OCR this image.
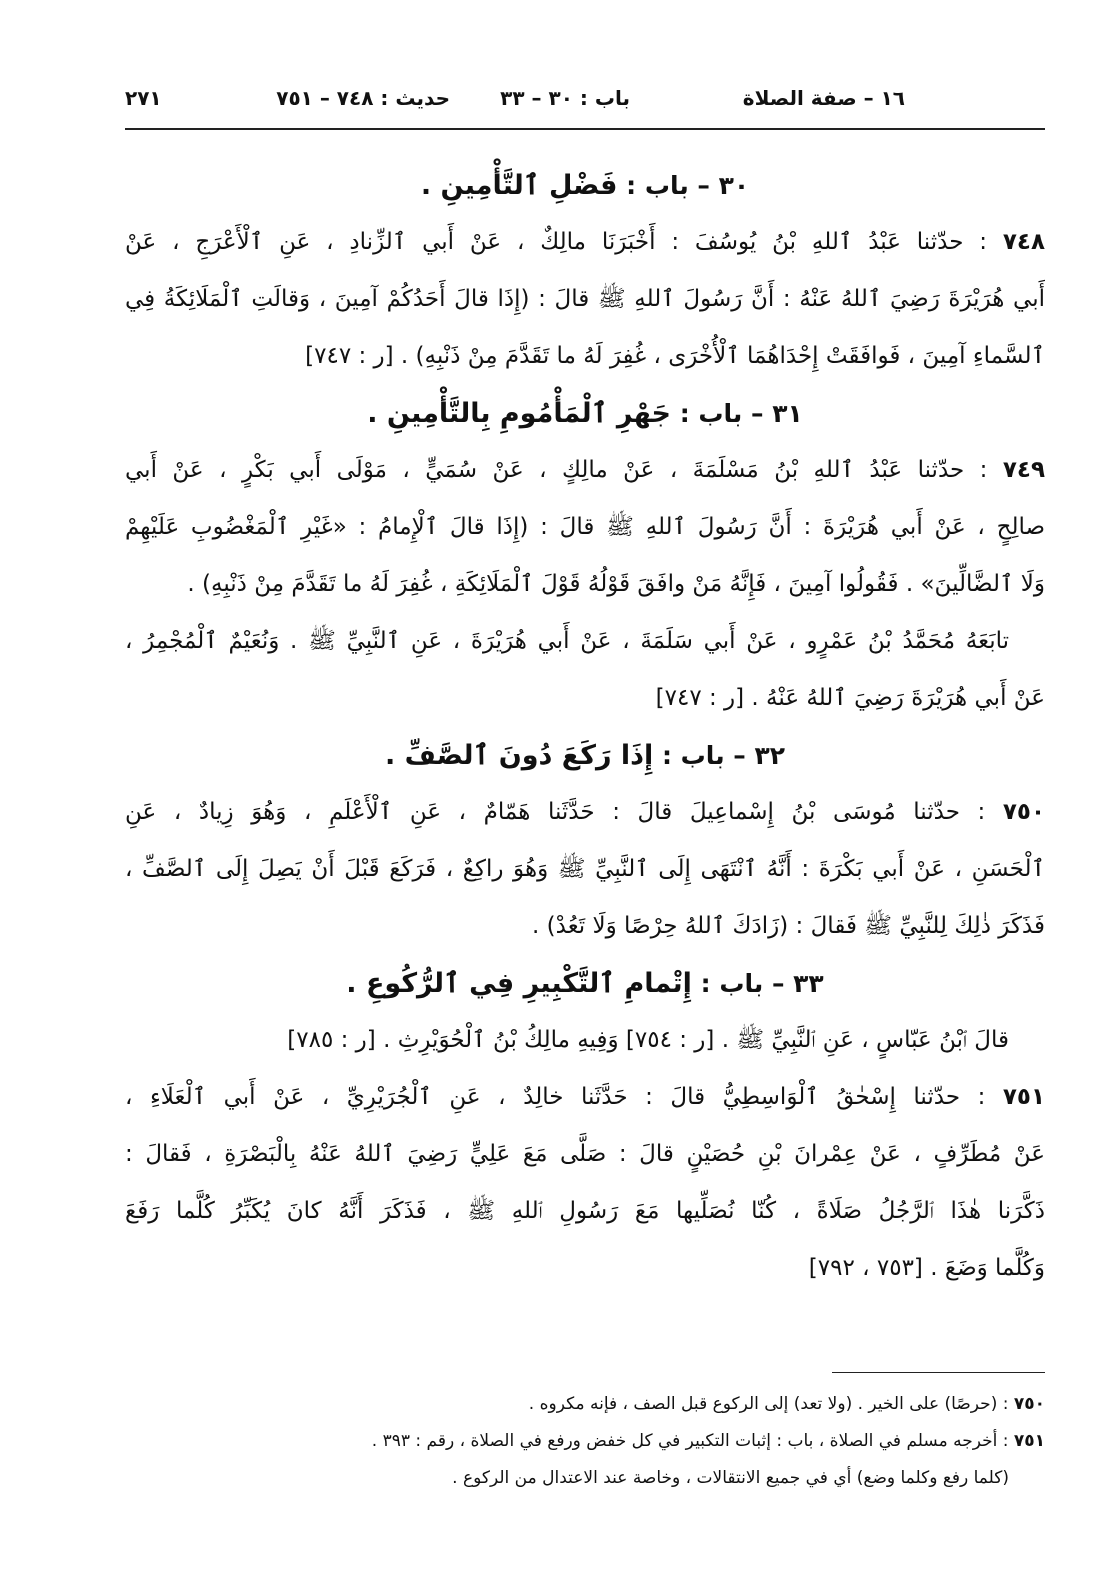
١٦ – صفة الصلاة
باب : ٣٠ – ٣٣
حديث : ٧٤٨ – ٧٥١
٢٧١
٣٠ – باب : فَضْلِ ٱلتَّأْمِينِ .
٧٤٨ : حدّثنا عَبْدُ ٱللهِ بْنُ يُوسُفَ : أَخْبَرَنَا مالِكٌ ، عَنْ أَبي ٱلزِّنادِ ، عَنِ ٱلْأَعْرَجِ ، عَنْ
أَبي هُرَيْرَةَ رَضِيَ ٱللهُ عَنْهُ : أَنَّ رَسُولَ ٱللهِ ﷺ قالَ : (إِذَا قالَ أَحَدُكُمْ آمِينَ ، وَقالَتِ ٱلْمَلَائِكَةُ فِي
ٱلسَّماءِ آمِينَ ، فَوافَقَتْ إِحْدَاهُمَا ٱلْأُخْرَى ، غُفِرَ لَهُ ما تَقَدَّمَ مِنْ ذَنْبِهِ) . [ر : ٧٤٧]
٣١ – باب : جَهْرِ ٱلْمَأْمُومِ بِالتَّأْمِينِ .
٧٤٩ : حدّثنا عَبْدُ ٱللهِ بْنُ مَسْلَمَةَ ، عَنْ مالِكٍ ، عَنْ سُمَيٍّ ، مَوْلَى أَبي بَكْرٍ ، عَنْ أَبي
صالِحٍ ، عَنْ أَبي هُرَيْرَةَ : أَنَّ رَسُولَ ٱللهِ ﷺ قالَ : (إِذَا قالَ ٱلْإِمامُ : «غَيْرِ ٱلْمَغْضُوبِ عَلَيْهِمْ
وَلَا ٱلضَّالِّينَ» . فَقُولُوا آمِينَ ، فَإِنَّهُ مَنْ وافَقَ قَوْلُهُ قَوْلَ ٱلْمَلَائِكَةِ ، غُفِرَ لَهُ ما تَقَدَّمَ مِنْ ذَنْبِهِ) .
تابَعَهُ مُحَمَّدُ بْنُ عَمْرٍو ، عَنْ أَبي سَلَمَةَ ، عَنْ أَبي هُرَيْرَةَ ، عَنِ ٱلنَّبِيِّ ﷺ . وَنُعَيْمٌ ٱلْمُجْمِرُ ،
عَنْ أَبي هُرَيْرَةَ رَضِيَ ٱللهُ عَنْهُ . [ر : ٧٤٧]
٣٢ – باب : إِذَا رَكَعَ دُونَ ٱلصَّفِّ .
٧٥٠ : حدّثنا مُوسَى بْنُ إِسْماعِيلَ قالَ : حَدَّثَنا هَمّامٌ ، عَنِ ٱلْأَعْلَمِ ، وَهُوَ زِيادٌ ، عَنِ
ٱلْحَسَنِ ، عَنْ أَبي بَكْرَةَ : أَنَّهُ ٱنْتَهَى إِلَى ٱلنَّبِيِّ ﷺ وَهُوَ راكِعٌ ، فَرَكَعَ قَبْلَ أَنْ يَصِلَ إِلَى ٱلصَّفِّ ،
فَذَكَرَ ذٰلِكَ لِلنَّبِيِّ ﷺ فَقالَ : (زَادَكَ ٱللهُ حِرْصًا وَلَا تَعُدْ) .
٣٣ – باب : إِتْمامِ ٱلتَّكْبِيرِ فِي ٱلرُّكُوعِ .
قالَ ٱبْنُ عَبّاسٍ ، عَنِ ٱلنَّبِيِّ ﷺ . [ر : ٧٥٤] وَفِيهِ مالِكُ بْنُ ٱلْحُوَيْرِثِ . [ر : ٧٨٥]
٧٥١ : حدّثنا إِسْحٰقُ ٱلْوَاسِطِيُّ قالَ : حَدَّثَنا خالِدٌ ، عَنِ ٱلْجُرَيْرِيِّ ، عَنْ أَبي ٱلْعَلَاءِ ،
عَنْ مُطَرِّفٍ ، عَنْ عِمْرانَ بْنِ حُصَيْنٍ قالَ : صَلَّى مَعَ عَلِيٍّ رَضِيَ ٱللهُ عَنْهُ بِالْبَصْرَةِ ، فَقالَ :
ذَكَّرَنا هٰذَا ٱلرَّجُلُ صَلَاةً ، كُنّا نُصَلِّيها مَعَ رَسُولِ ٱللهِ ﷺ ، فَذَكَرَ أَنَّهُ كانَ يُكَبِّرُ كُلَّما رَفَعَ
وَكُلَّما وَضَعَ . [٧٥٣ ، ٧٩٢]
٧٥٠ : (حرصًا) على الخير . (ولا تعد) إلى الركوع قبل الصف ، فإنه مكروه .
٧٥١ : أخرجه مسلم في الصلاة ، باب : إثبات التكبير في كل خفض ورفع في الصلاة ، رقم : ٣٩٣ .
(كلما رفع وكلما وضع) أي في جميع الانتقالات ، وخاصة عند الاعتدال من الركوع .
